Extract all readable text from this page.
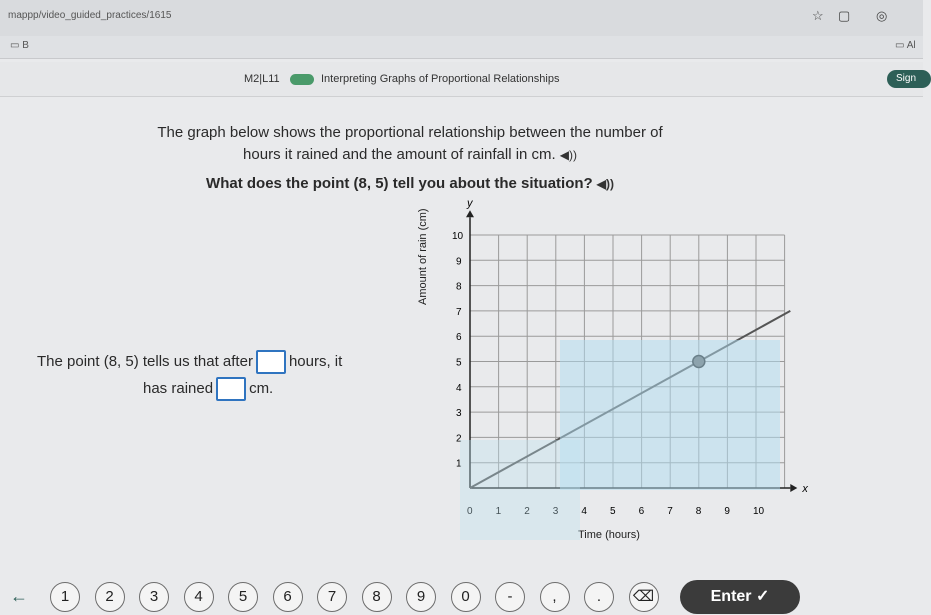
mappp/video_guided_practices/1615	☆ ▢ ◎
▭ B	▭ Al
M2|L11	Interpreting Graphs of Proportional Relationships	Sign
The graph below shows the proportional relationship between the number of
hours it rained and the amount of rainfall in cm. ◀))
What does the point (8, 5) tell you about the situation? ◀))
The point (8, 5) tells us that after hours, it
has rained cm.
x
y
0 1 2 3 4 5 6 7 8 9 10
1
2
3
4
5
6
7
8
9
10
Amount of rain (cm)
Time (hours)
←	1	2	3	4	5	6	7	8	9	0	-	,	.	⌫	Enter ✓
